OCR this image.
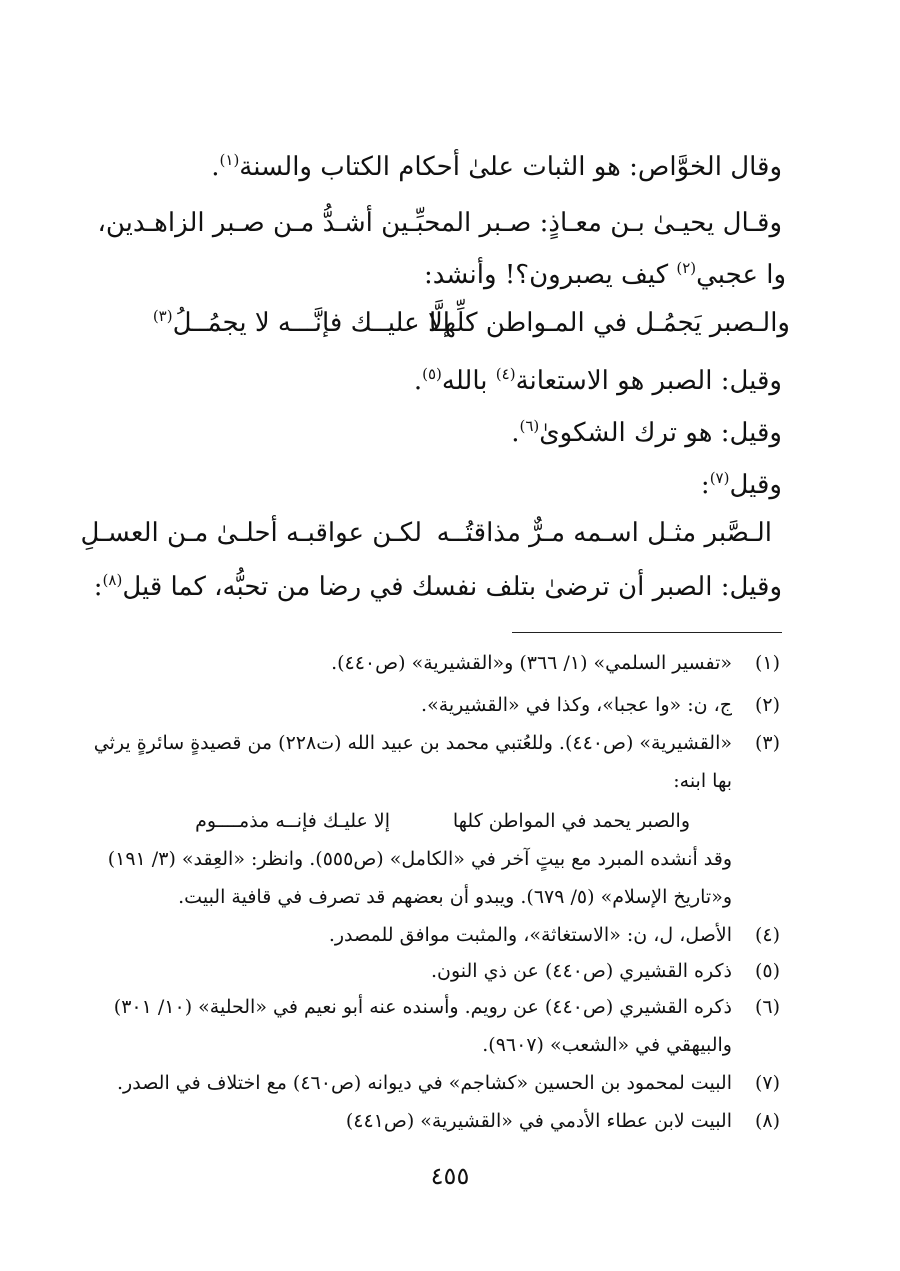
وقال الخوَّاص: هو الثبات علىٰ أحكام الكتاب والسنة$^{(١)}$.
وقـال يحيـىٰ بـن معـاذٍ: صـبر المحبِّـين أشـدُّ مـن صـبر الزاهـدين،
وا عجبي$^{(٢)}$ كيف يصبرون؟! وأنشد:
والـصبر يَجمُـل في المـواطن كلِّهـا
إلَّا عليــك فإنَّـــه لا يجمُــلُ$^{(٣)}$
وقيل: الصبر هو الاستعانة$^{(٤)}$ بالله$^{(٥)}$.
وقيل: هو ترك الشكوىٰ$^{(٦)}$.
وقيل$^{(٧)}$:
الـصَّبر مثـل اسـمه مـرٌّ مذاقتُــه
لكـن عواقبـه أحلـىٰ مـن العسـلِ
وقيل: الصبر أن ترضىٰ بتلف نفسك في رضا من تحبُّه، كما قيل$^{(٨)}$:
(١)
«تفسير السلمي» (١/ ٣٦٦) و«القشيرية» (ص٤٤٠).
(٢)
ج، ن: «وا عجبا»، وكذا في «القشيرية».
(٣)
«القشيرية» (ص٤٤٠). وللعُتبي محمد بن عبيد الله (ت٢٢٨) من قصيدةٍ سائرةٍ يرثي
بها ابنه:
والصبر يحمد في المواطن كلها
إلا عليـك فإنــه مذمــــوم
وقد أنشده المبرد مع بيتٍ آخر في «الكامل» (ص٥٥٥). وانظر: «العِقد» (٣/ ١٩١)
و«تاريخ الإسلام» (٥/ ٦٧٩). ويبدو أن بعضهم قد تصرف في قافية البيت.
(٤)
الأصل، ل، ن: «الاستغاثة»، والمثبت موافق للمصدر.
(٥)
ذكره القشيري (ص٤٤٠) عن ذي النون.
(٦)
ذكره القشيري (ص٤٤٠) عن رويم. وأسنده عنه أبو نعيم في «الحلية» (١٠/ ٣٠١)
والبيهقي في «الشعب» (٩٦٠٧).
(٧)
البيت لمحمود بن الحسين «كشاجم» في ديوانه (ص٤٦٠) مع اختلاف في الصدر.
(٨)
البيت لابن عطاء الأدمي في «القشيرية» (ص٤٤١)
٤٥٥
